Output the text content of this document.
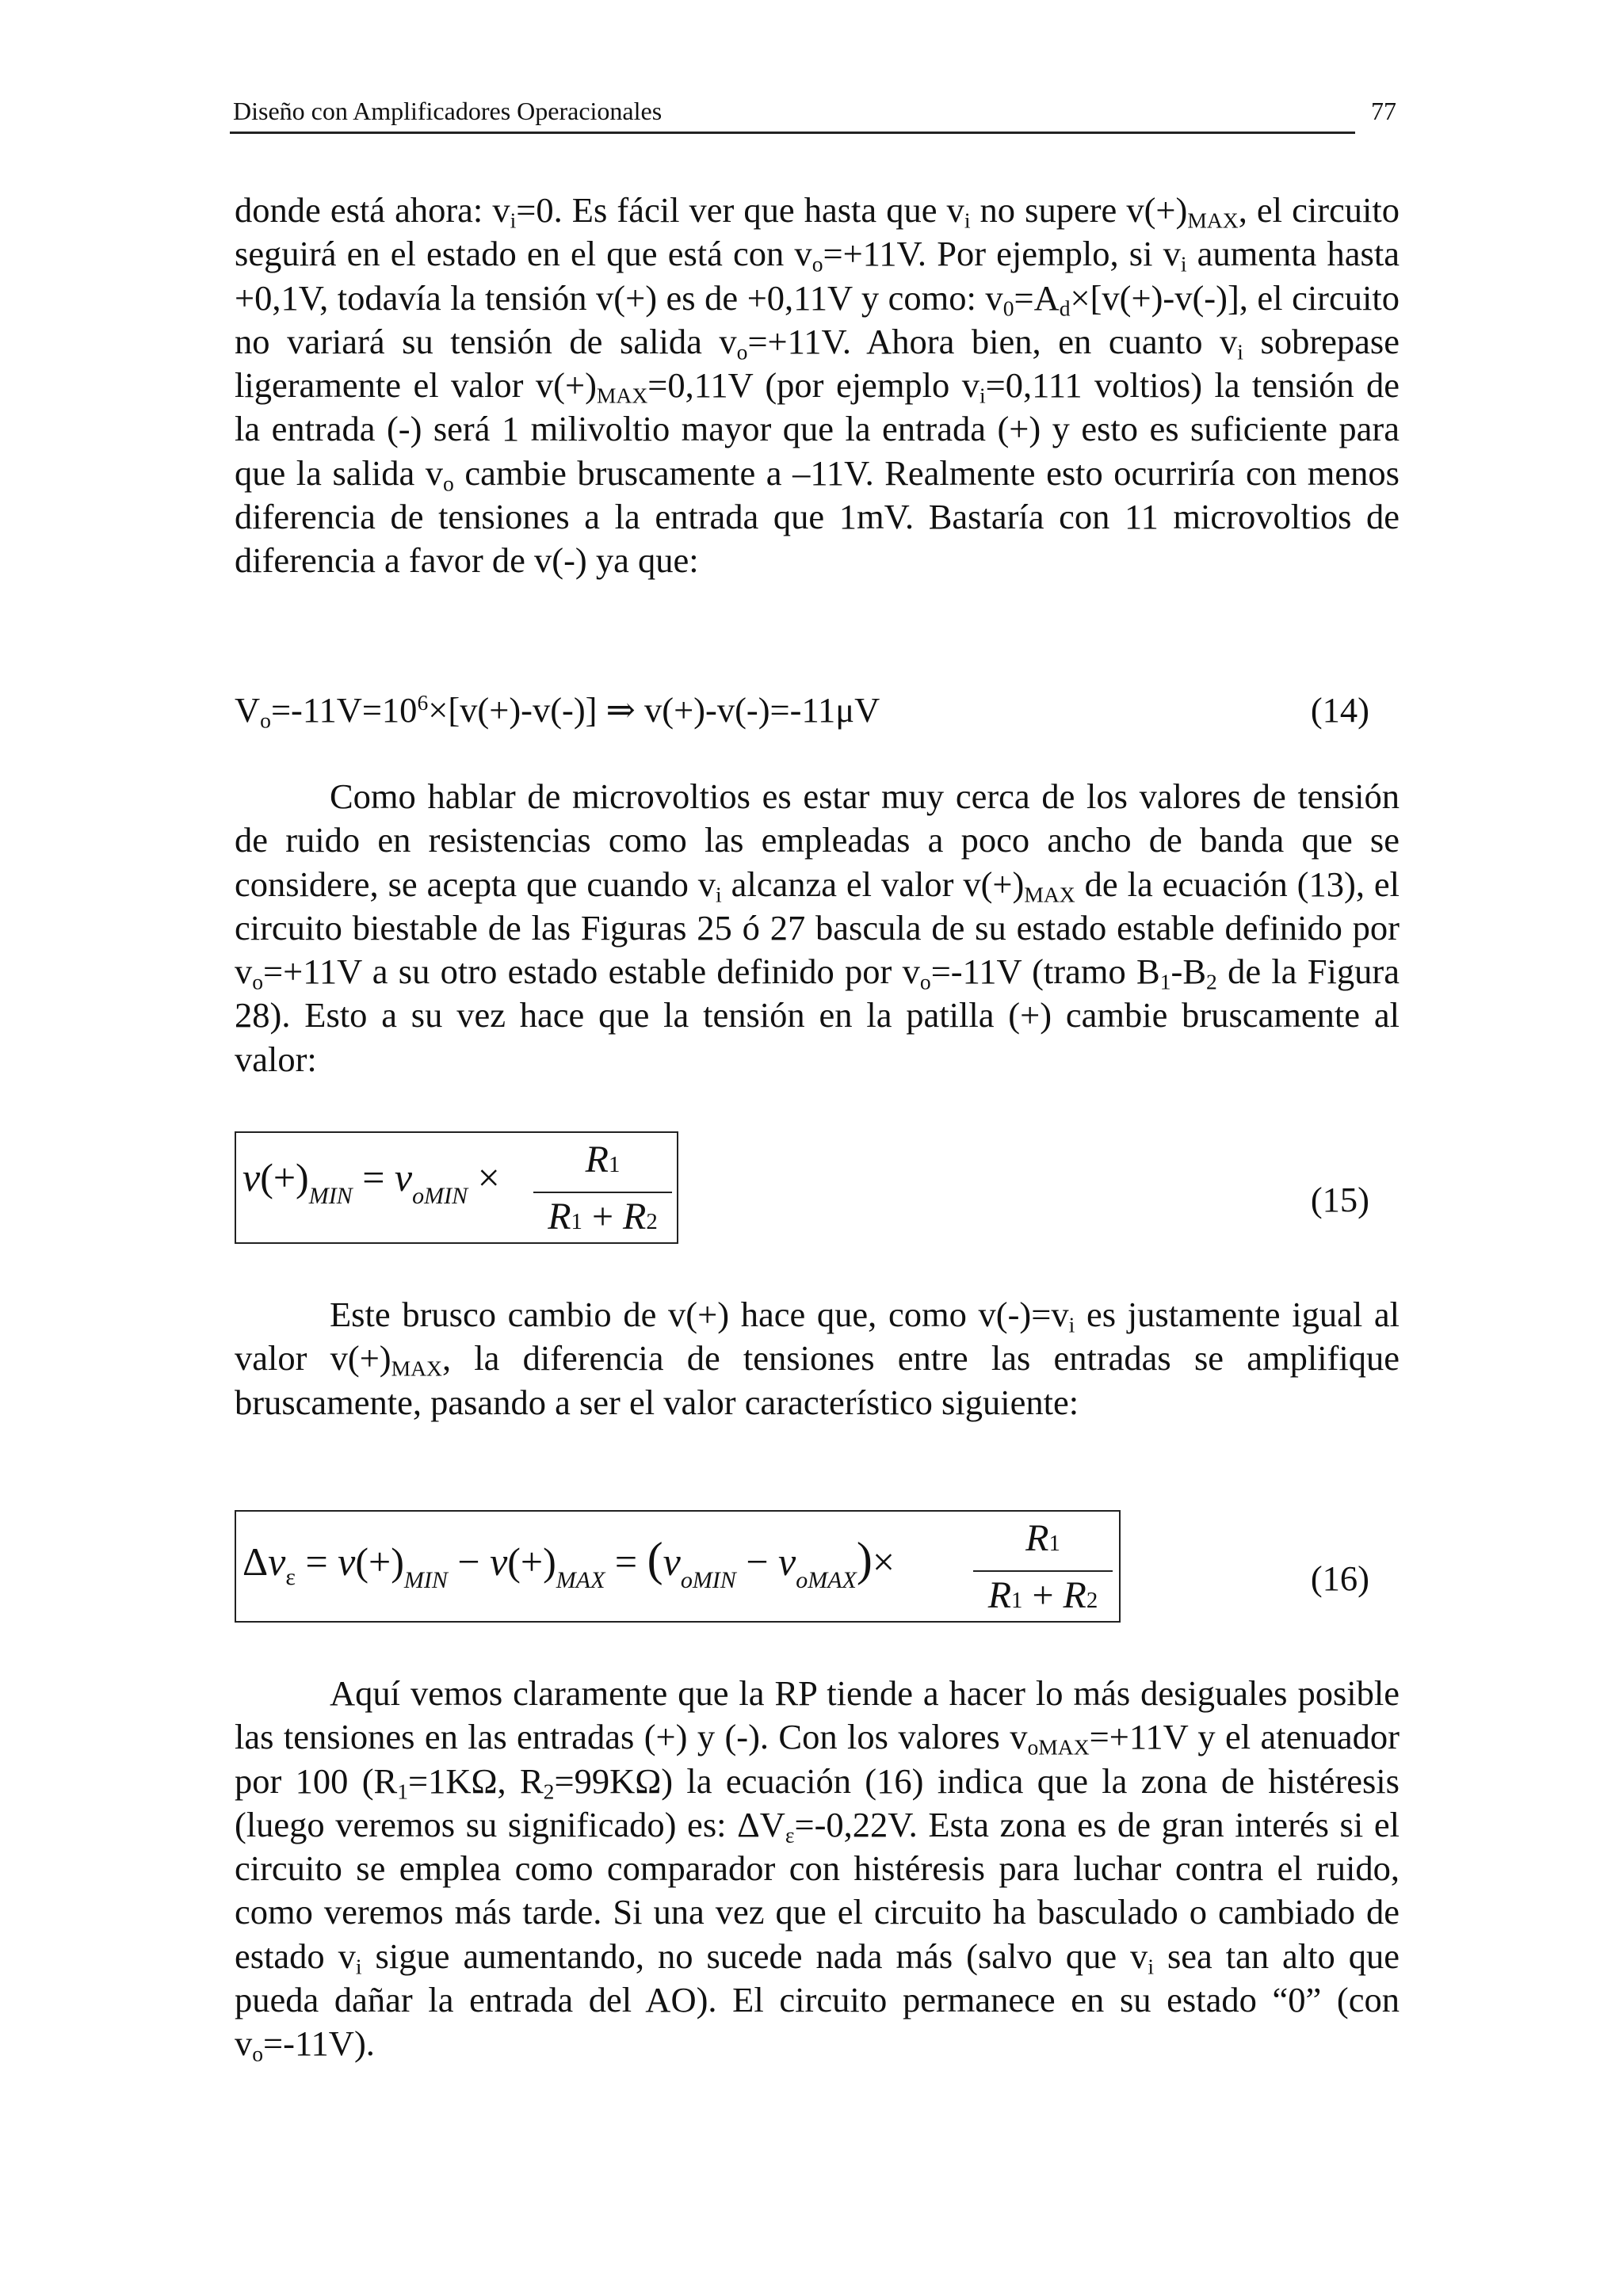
Diseño con Amplificadores Operacionales	77

donde está ahora: $v_i=0$. Es fácil ver que hasta que $v_i$ no supere $v(+)_{MAX}$, el circuito seguirá en el estado en el que está con $v_o=+11V$. Por ejemplo, si $v_i$ aumenta hasta +0,1V, todavía la tensión v(+) es de +0,11V y como: $v_0=A_d\times[v(+)-v(-)]$, el circuito no variará su tensión de salida $v_o=+11V$. Ahora bien, en cuanto $v_i$ sobrepase ligeramente el valor $v(+)_{MAX}=0,11V$ (por ejemplo $v_i=0,111$ voltios) la tensión de la entrada (-) será 1 milivoltio mayor que la entrada (+) y esto es suficiente para que la salida $v_o$ cambie bruscamente a –11V. Realmente esto ocurriría con menos diferencia de tensiones a la entrada que 1mV. Bastaría con 11 microvoltios de diferencia a favor de v(-) ya que:

$V_o=-11V=10^6\times[v(+)-v(-)]$ ⇒ v(+)-v(-)=-11μV	(14)

Como hablar de microvoltios es estar muy cerca de los valores de tensión de ruido en resistencias como las empleadas a poco ancho de banda que se considere, se acepta que cuando $v_i$ alcanza el valor $v(+)_{MAX}$ de la ecuación (13), el circuito biestable de las Figuras 25 ó 27 bascula de su estado estable definido por $v_o=+11V$ a su otro estado estable definido por $v_o=-11V$ (tramo $B_1-B_2$ de la Figura 28). Esto a su vez hace que la tensión en la patilla (+) cambie bruscamente al valor:

$v(+)_{MIN} = v_{oMIN} \times \frac{R1}{R1 + R2}$	(15)

Este brusco cambio de v(+) hace que, como $v(-)=v_i$ es justamente igual al valor $v(+)_{MAX}$, la diferencia de tensiones entre las entradas se amplifique bruscamente, pasando a ser el valor característico siguiente:

$\Delta v_\varepsilon = v(+)_{MIN} - v(+)_{MAX} = (v_{oMIN} - v_{oMAX})\times \frac{R1}{R1 + R2}$	(16)

Aquí vemos claramente que la RP tiende a hacer lo más desiguales posible las tensiones en las entradas (+) y (-). Con los valores $v_{oMAX}=+11V$ y el atenuador por 100 ($R_1=1K\Omega$, $R_2=99K\Omega$) la ecuación (16) indica que la zona de histéresis (luego veremos su significado) es: $\Delta V_\varepsilon=-0,22V$. Esta zona es de gran interés si el circuito se emplea como comparador con histéresis para luchar contra el ruido, como veremos más tarde. Si una vez que el circuito ha basculado o cambiado de estado $v_i$ sigue aumentando, no sucede nada más (salvo que $v_i$ sea tan alto que pueda dañar la entrada del AO). El circuito permanece en su estado “0” (con $v_o=-11V$).
